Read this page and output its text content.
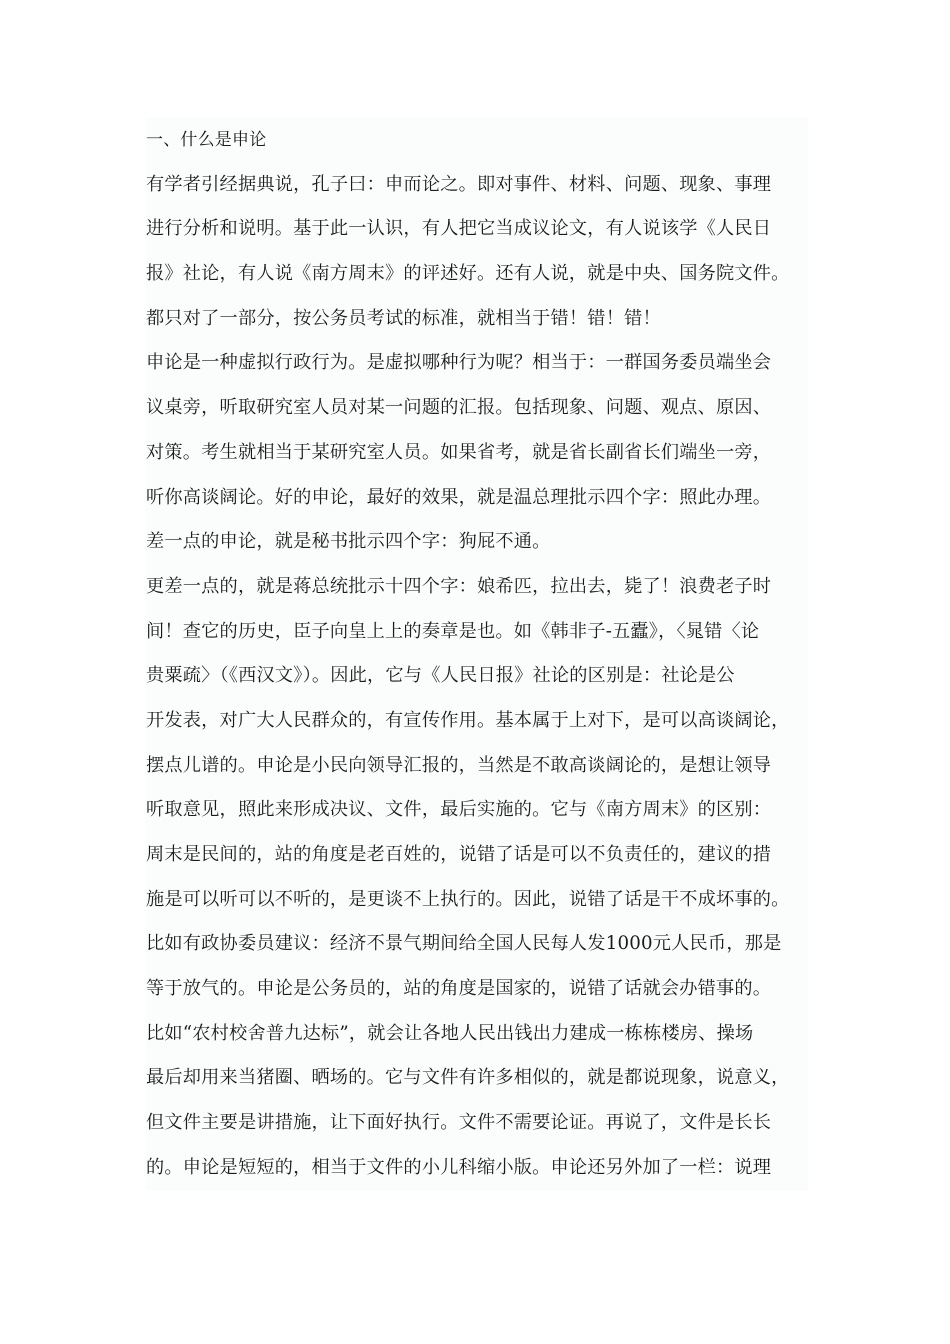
一、什么是申论
有学者引经据典说，孔子曰：申而论之。即对事件、材料、问题、现象、事理
进行分析和说明。基于此一认识，有人把它当成议论文，有人说该学《人民日
报》社论，有人说《南方周末》的评述好。还有人说，就是中央、国务院文件。
都只对了一部分，按公务员考试的标准，就相当于错！错！错！
申论是一种虚拟行政行为。是虚拟哪种行为呢？相当于：一群国务委员端坐会
议桌旁，听取研究室人员对某一问题的汇报。包括现象、问题、观点、原因、
对策。考生就相当于某研究室人员。如果省考，就是省长副省长们端坐一旁，
听你高谈阔论。好的申论，最好的效果，就是温总理批示四个字：照此办理。
差一点的申论，就是秘书批示四个字：狗屁不通。
更差一点的，就是蒋总统批示十四个字：娘希匹，拉出去，毙了！浪费老子时
间！查它的历史，臣子向皇上上的奏章是也。如《韩非子-五蠹》，〈晁错〈论
贵粟疏〉（《西汉文》）。因此，它与《人民日报》社论的区别是：社论是公
开发表，对广大人民群众的，有宣传作用。基本属于上对下，是可以高谈阔论，
摆点儿谱的。申论是小民向领导汇报的，当然是不敢高谈阔论的，是想让领导
听取意见，照此来形成决议、文件，最后实施的。它与《南方周末》的区别：
周末是民间的，站的角度是老百姓的，说错了话是可以不负责任的，建议的措
施是可以听可以不听的，是更谈不上执行的。因此，说错了话是干不成坏事的。
比如有政协委员建议：经济不景气期间给全国人民每人发1000元人民币，那是
等于放气的。申论是公务员的，站的角度是国家的，说错了话就会办错事的。
比如“农村校舍普九达标”，就会让各地人民出钱出力建成一栋栋楼房、操场
最后却用来当猪圈、晒场的。它与文件有许多相似的，就是都说现象，说意义，
但文件主要是讲措施，让下面好执行。文件不需要论证。再说了，文件是长长
的。申论是短短的，相当于文件的小儿科缩小版。申论还另外加了一栏：说理
